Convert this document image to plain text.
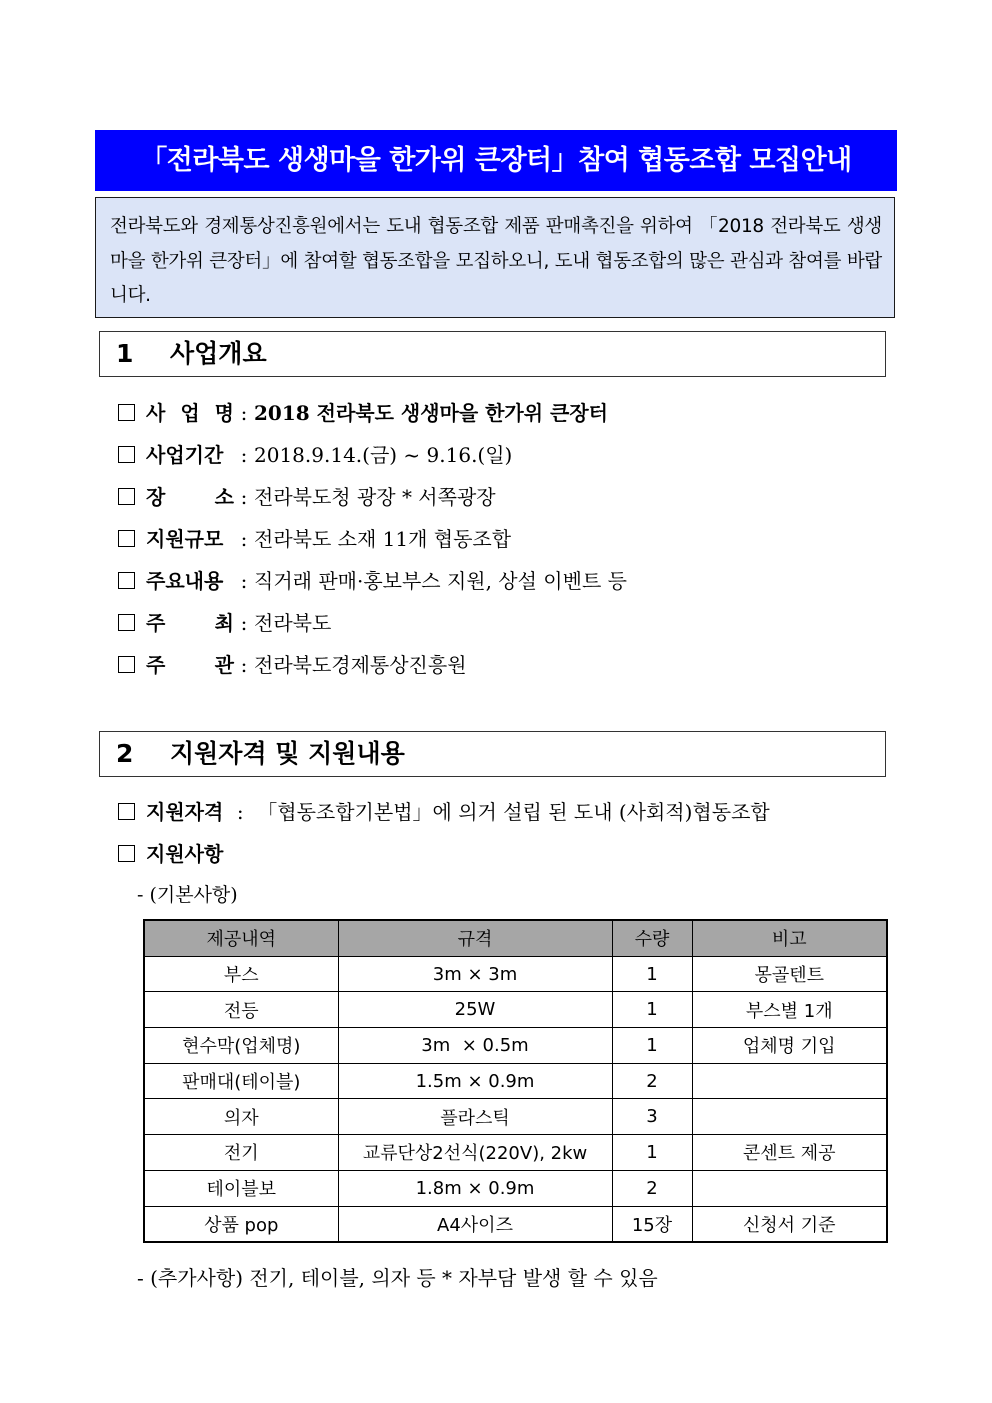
「전라북도 생생마을 한가위 큰장터」참여 협동조합 모집안내
전라북도와 경제통상진흥원에서는 도내 협동조합 제품 판매촉진을 위하여 「2018 전라북도 생생마을 한가위 큰장터」에 참여할 협동조합을 모집하오니, 도내 협동조합의 많은 관심과 참여를 바랍니다.
1 사업개요
사 업 명 : 2018 전라북도 생생마을 한가위 큰장터
사업기간 : 2018.9.14.(금) ~ 9.16.(일)
장 소 : 전라북도청 광장 * 서쪽광장
지원규모 : 전라북도 소재 11개 협동조합
주요내용 : 직거래 판매·홍보부스 지원, 상설 이벤트 등
주 최 : 전라북도
주 관 : 전라북도경제통상진흥원
2 지원자격 및 지원내용
지원자격 : 「협동조합기본법」에 의거 설립 된 도내 (사회적)협동조합
지원사항
- (기본사항)
제공내역	규격	수량	비고
부스	3m × 3m	1	몽골텐트
전등	25W	1	부스별 1개
현수막(업체명)	3m  × 0.5m	1	업체명 기입
판매대(테이블)	1.5m × 0.9m	2	
의자	플라스틱	3	
전기	교류단상2선식(220V), 2kw	1	콘센트 제공
테이블보	1.8m × 0.9m	2	
상품 pop	A4사이즈	15장	신청서 기준
- (추가사항) 전기, 테이블, 의자 등 * 자부담 발생 할 수 있음
